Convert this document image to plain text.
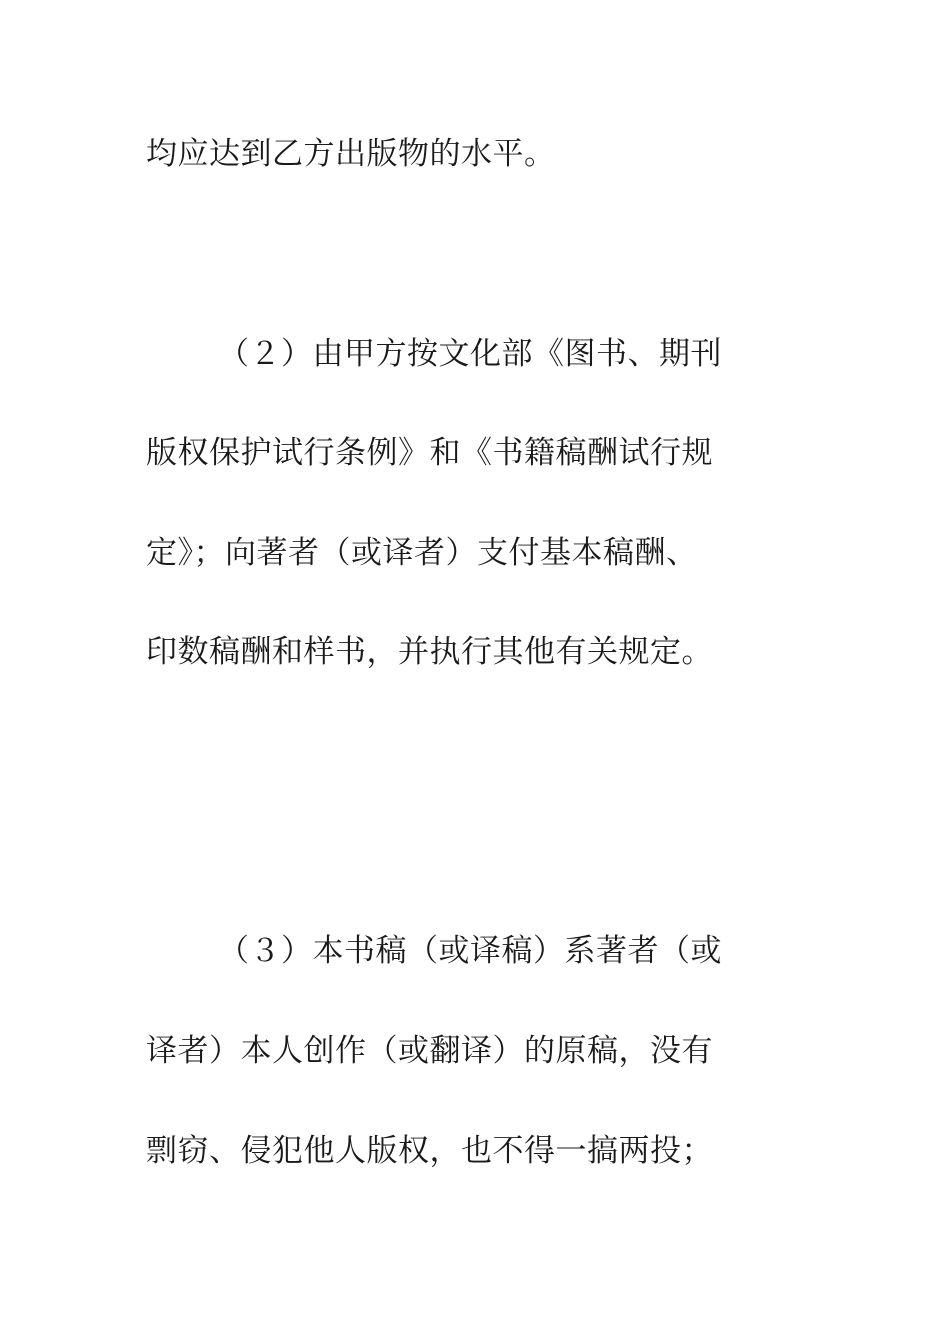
均应达到乙方出版物的水平。
（２）由甲方按文化部《图书、期刊
版权保护试行条例》和《书籍稿酬试行规
定》；向著者（或译者）支付基本稿酬、
印数稿酬和样书，并执行其他有关规定。
（３）本书稿（或译稿）系著者（或
译者）本人创作（或翻译）的原稿，没有
剽窃、侵犯他人版权，也不得一搞两投；
